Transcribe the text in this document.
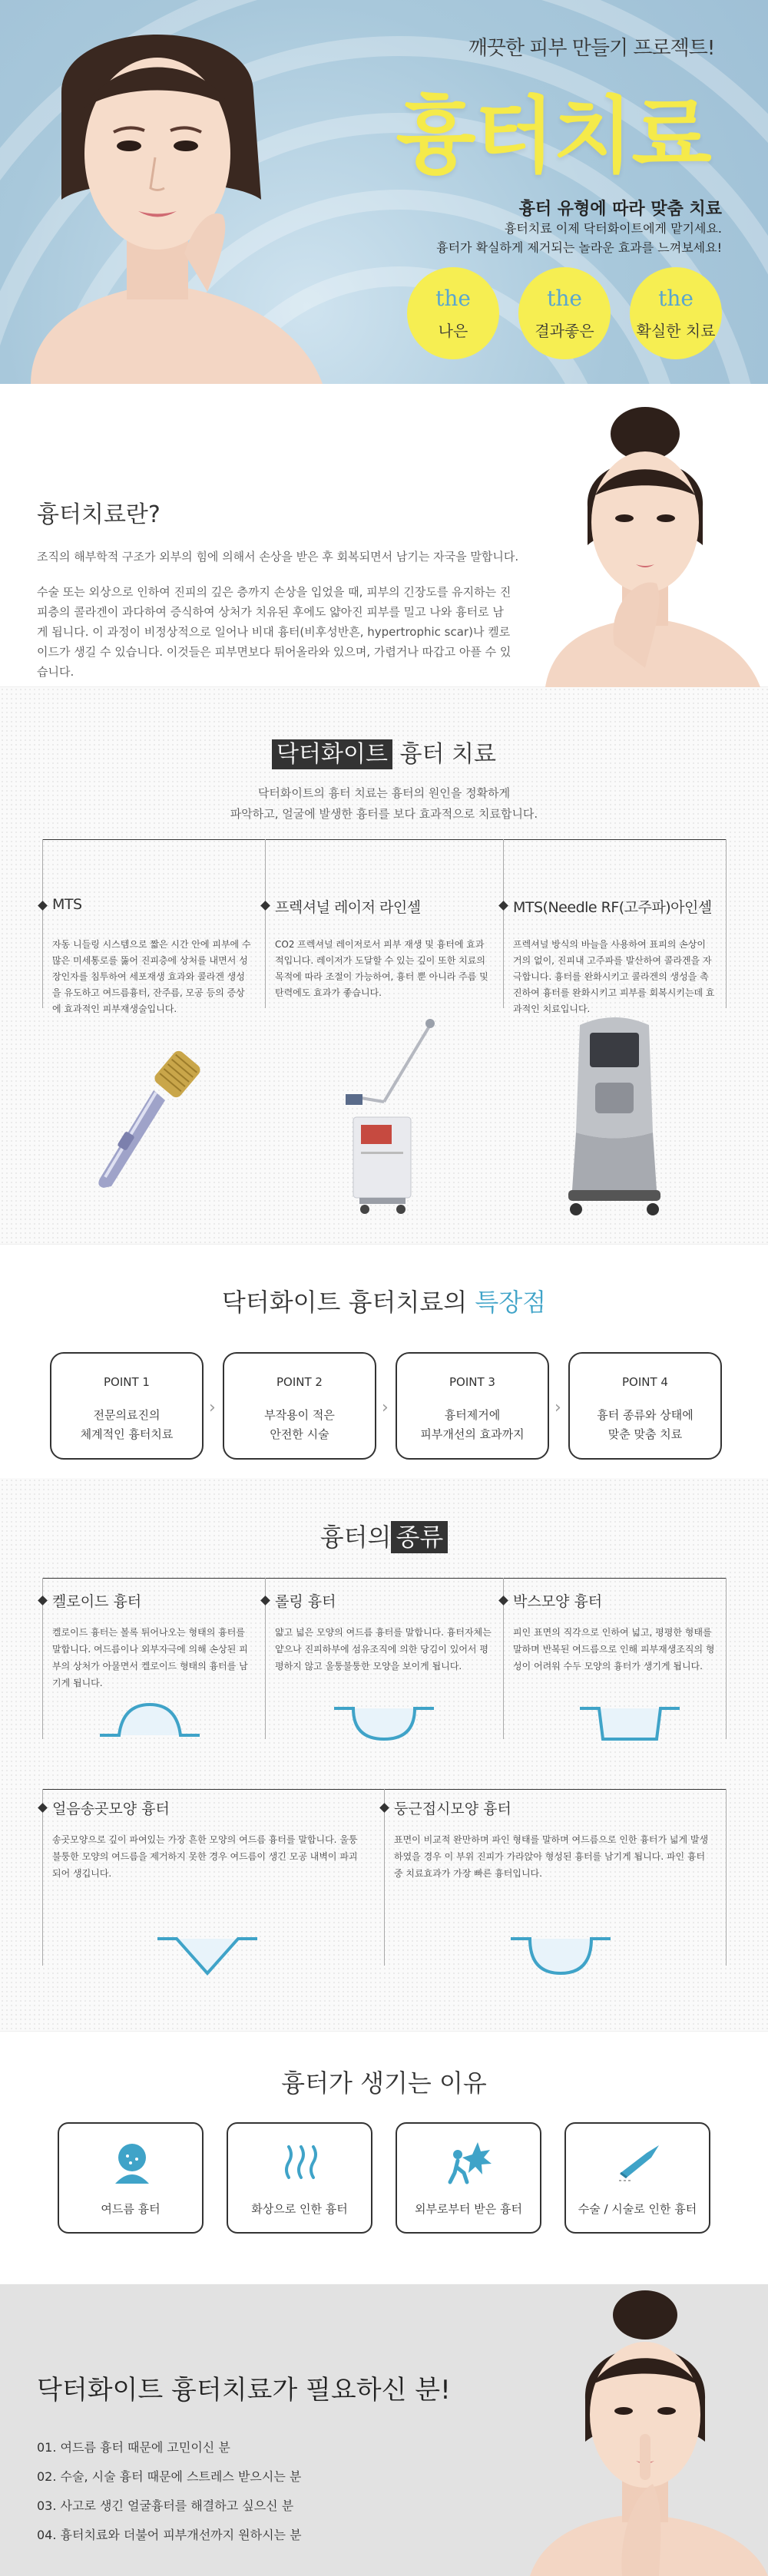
깨끗한 피부 만들기 프로젝트!
흉터치료
흉터 유형에 따라 맞춤 치료
흉터치료 이제 닥터화이트에게 맡기세요.
흉터가 확실하게 제거되는 놀라운 효과를 느껴보세요!
the
나은
the
결과좋은
the
확실한 치료
흉터치료란?

조직의 해부학적 구조가 외부의 힘에 의해서 손상을 받은 후 회복되면서 남기는 자국을 말합니다.

수술 또는 외상으로 인하여 진피의 깊은 층까지 손상을 입었을 때, 피부의 긴장도를 유지하는 진피층의 콜라겐이 과다하여 증식하여 상처가 치유된 후에도 얇아진 피부를 밀고 나와 흉터로 남게 됩니다. 이 과정이 비정상적으로 일어나 비대 흉터(비후성반흔, hypertrophic scar)나 켈로이드가 생길 수 있습니다. 이것들은 피부면보다 튀어올라와 있으며, 가렵거나 따갑고 아플 수 있습니다.

닥터화이트 흉터 치료
닥터화이트의 흉터 치료는 흉터의 원인을 정확하게
파악하고, 얼굴에 발생한 흉터를 보다 효과적으로 치료합니다.
MTS
자동 니들링 시스템으로 짧은 시간 안에 피부에 수많은 미세통로를 뚫어 진피층에 상처를 내면서 성장인자를 침투하여 세포재생 효과와 콜라겐 생성을 유도하고 여드름흉터, 잔주름, 모공 등의 증상에 효과적인 피부재생술입니다.
프렉셔널 레이저 라인셀
CO2 프렉셔널 레이저로서 피부 재생 및 흉터에 효과적입니다. 레이저가 도달할 수 있는 깊이 또한 치료의 목적에 따라 조절이 가능하여, 흉터 뿐 아니라 주름 및 탄력에도 효과가 좋습니다.
MTS(Needle RF(고주파)아인셀
프렉셔널 방식의 바늘을 사용하여 표피의 손상이 거의 없이, 진피내 고주파를 발산하여 콜라겐을 자극합니다. 흉터를 완화시키고 콜라겐의 생성을 촉진하여 흉터를 완화시키고 피부를 회복시키는데 효과적인 치료입니다.
닥터화이트 흉터치료의 특장점
POINT 1
전문의료진의
체계적인 흉터치료
›
POINT 2
부작용이 적은
안전한 시술
›
POINT 3
흉터제거에
피부개선의 효과까지
›
POINT 4
흉터 종류와 상태에
맞춘 맞춤 치료
흉터의 종류
켈로이드 흉터
켈로이드 흉터는 볼록 튀어나오는 형태의 흉터를 말합니다. 여드름이나 외부자극에 의해 손상된 피부의 상처가 아물면서 켈로이드 형태의 흉터를 남기게 됩니다.
롤링 흉터
얇고 넓은 모양의 여드름 흉터를 말합니다. 흉터자체는 얕으나 진피하부에 섬유조직에 의한 당김이 있어서 평평하지 않고 울퉁불퉁한 모양을 보이게 됩니다.
박스모양 흉터
피인 표면의 직각으로 인하여 넓고, 평평한 형태를 말하며 반복된 여드름으로 인해 피부재생조직의 형성이 어려워 수두 모양의 흉터가 생기게 됩니다.
얼음송곳모양 흉터
송곳모양으로 깊이 파여있는 가장 흔한 모양의 여드름 흉터를 말합니다. 울퉁불퉁한 모양의 여드름을 제거하지 못한 경우 여드름이 생긴 모공 내벽이 파괴되어 생깁니다.
둥근접시모양 흉터
표면이 비교적 완만하며 파인 형태를 말하며 여드름으로 인한 흉터가 넓게 발생하였을 경우 이 부위 진피가 가라앉아 형성된 흉터를 남기게 됩니다. 파인 흉터 중 치료효과가 가장 빠른 흉터입니다.
흉터가 생기는 이유
여드름 흉터	화상으로 인한 흉터	외부로부터 받은 흉터	수술 / 시술로 인한 흉터
닥터화이트 흉터치료가 필요하신 분!
01. 여드름 흉터 때문에 고민이신 분
02. 수술, 시술 흉터 때문에 스트레스 받으시는 분
03. 사고로 생긴 얼굴흉터를 해결하고 싶으신 분
04. 흉터치료와 더불어 피부개선까지 원하시는 분
